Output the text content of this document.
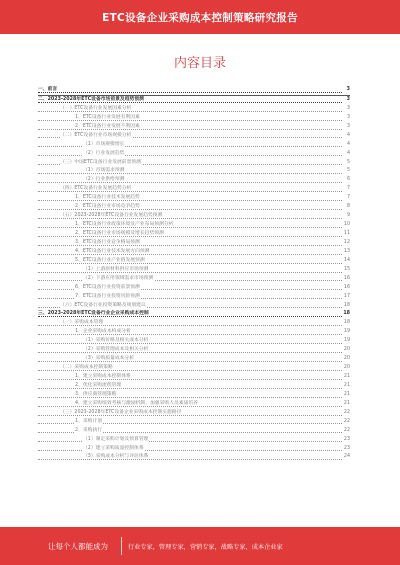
ETC设备企业采购成本控制策略研究报告
内容目录
一、前言	3
二、2023-2028年ETC设备市场前景及趋势预测	3
（一）ETC设备行业发展因素分析	3
1、ETC设备行业发展有利因素	3
2、ETC设备行业发展不利因素	3
（二）ETC设备行业市场规模分析	4
（1）市场规模增长	4
（2）行业发展趋势	4
（三）中国ETC设备行业发展前景预测	5
（1）市场需求预测	5
（2）行业供给预测	6
（四）ETC设备行业发展趋势分析	7
1、ETC设备行业技术发展趋势	7
2、ETC设备行业市场竞争趋势	8
（五）2023-2028年ETC设备行业发展趋势预测	9
1、ETC设备行业政策环境及产业布局预测分析	10
2、ETC设备行业市场规模及增长趋势预测	11
3、ETC设备行业竞争格局预测	12
4、ETC设备行业技术发展方向预测	13
5、ETC设备行业产业链发展预测	14
（1）上游原材料供应市场预测	15
（2）下游应用领域需求市场预测	16
6、ETC设备行业投资前景预测	16
7、ETC设备行业投资风险预测	17
（六）ETC设备行业投资策略及规划建议	18
三、2023-2028年ETC设备行业企业采购成本控制	18
（一）采购成本管理	18
1、企业采购成本构成分析	19
（1）采购价格及相关成本分析	19
（2）采购管理成本及相关分析	20
（3）采购质量成本分析	20
（二）采购成本控制策略	20
1、建立采购成本控制体系	21
2、优化采购流程管理	21
3、供应商管理策略	21
4、建立采购绩效考核与激励机制，加强采购人员素质培养	21
（三）2023-2028年ETC设备企业采购成本控制实施路径	22
1、采购计划	22
2、采购执行	22
（1）制定采购计划及预算管理	23
（2）建立采购质量控制体系	23
（3）采购成本分析与评估体系	24
让每个人都能成为	行业专家，管理专家，营销专家，战略专家，成本企业家
